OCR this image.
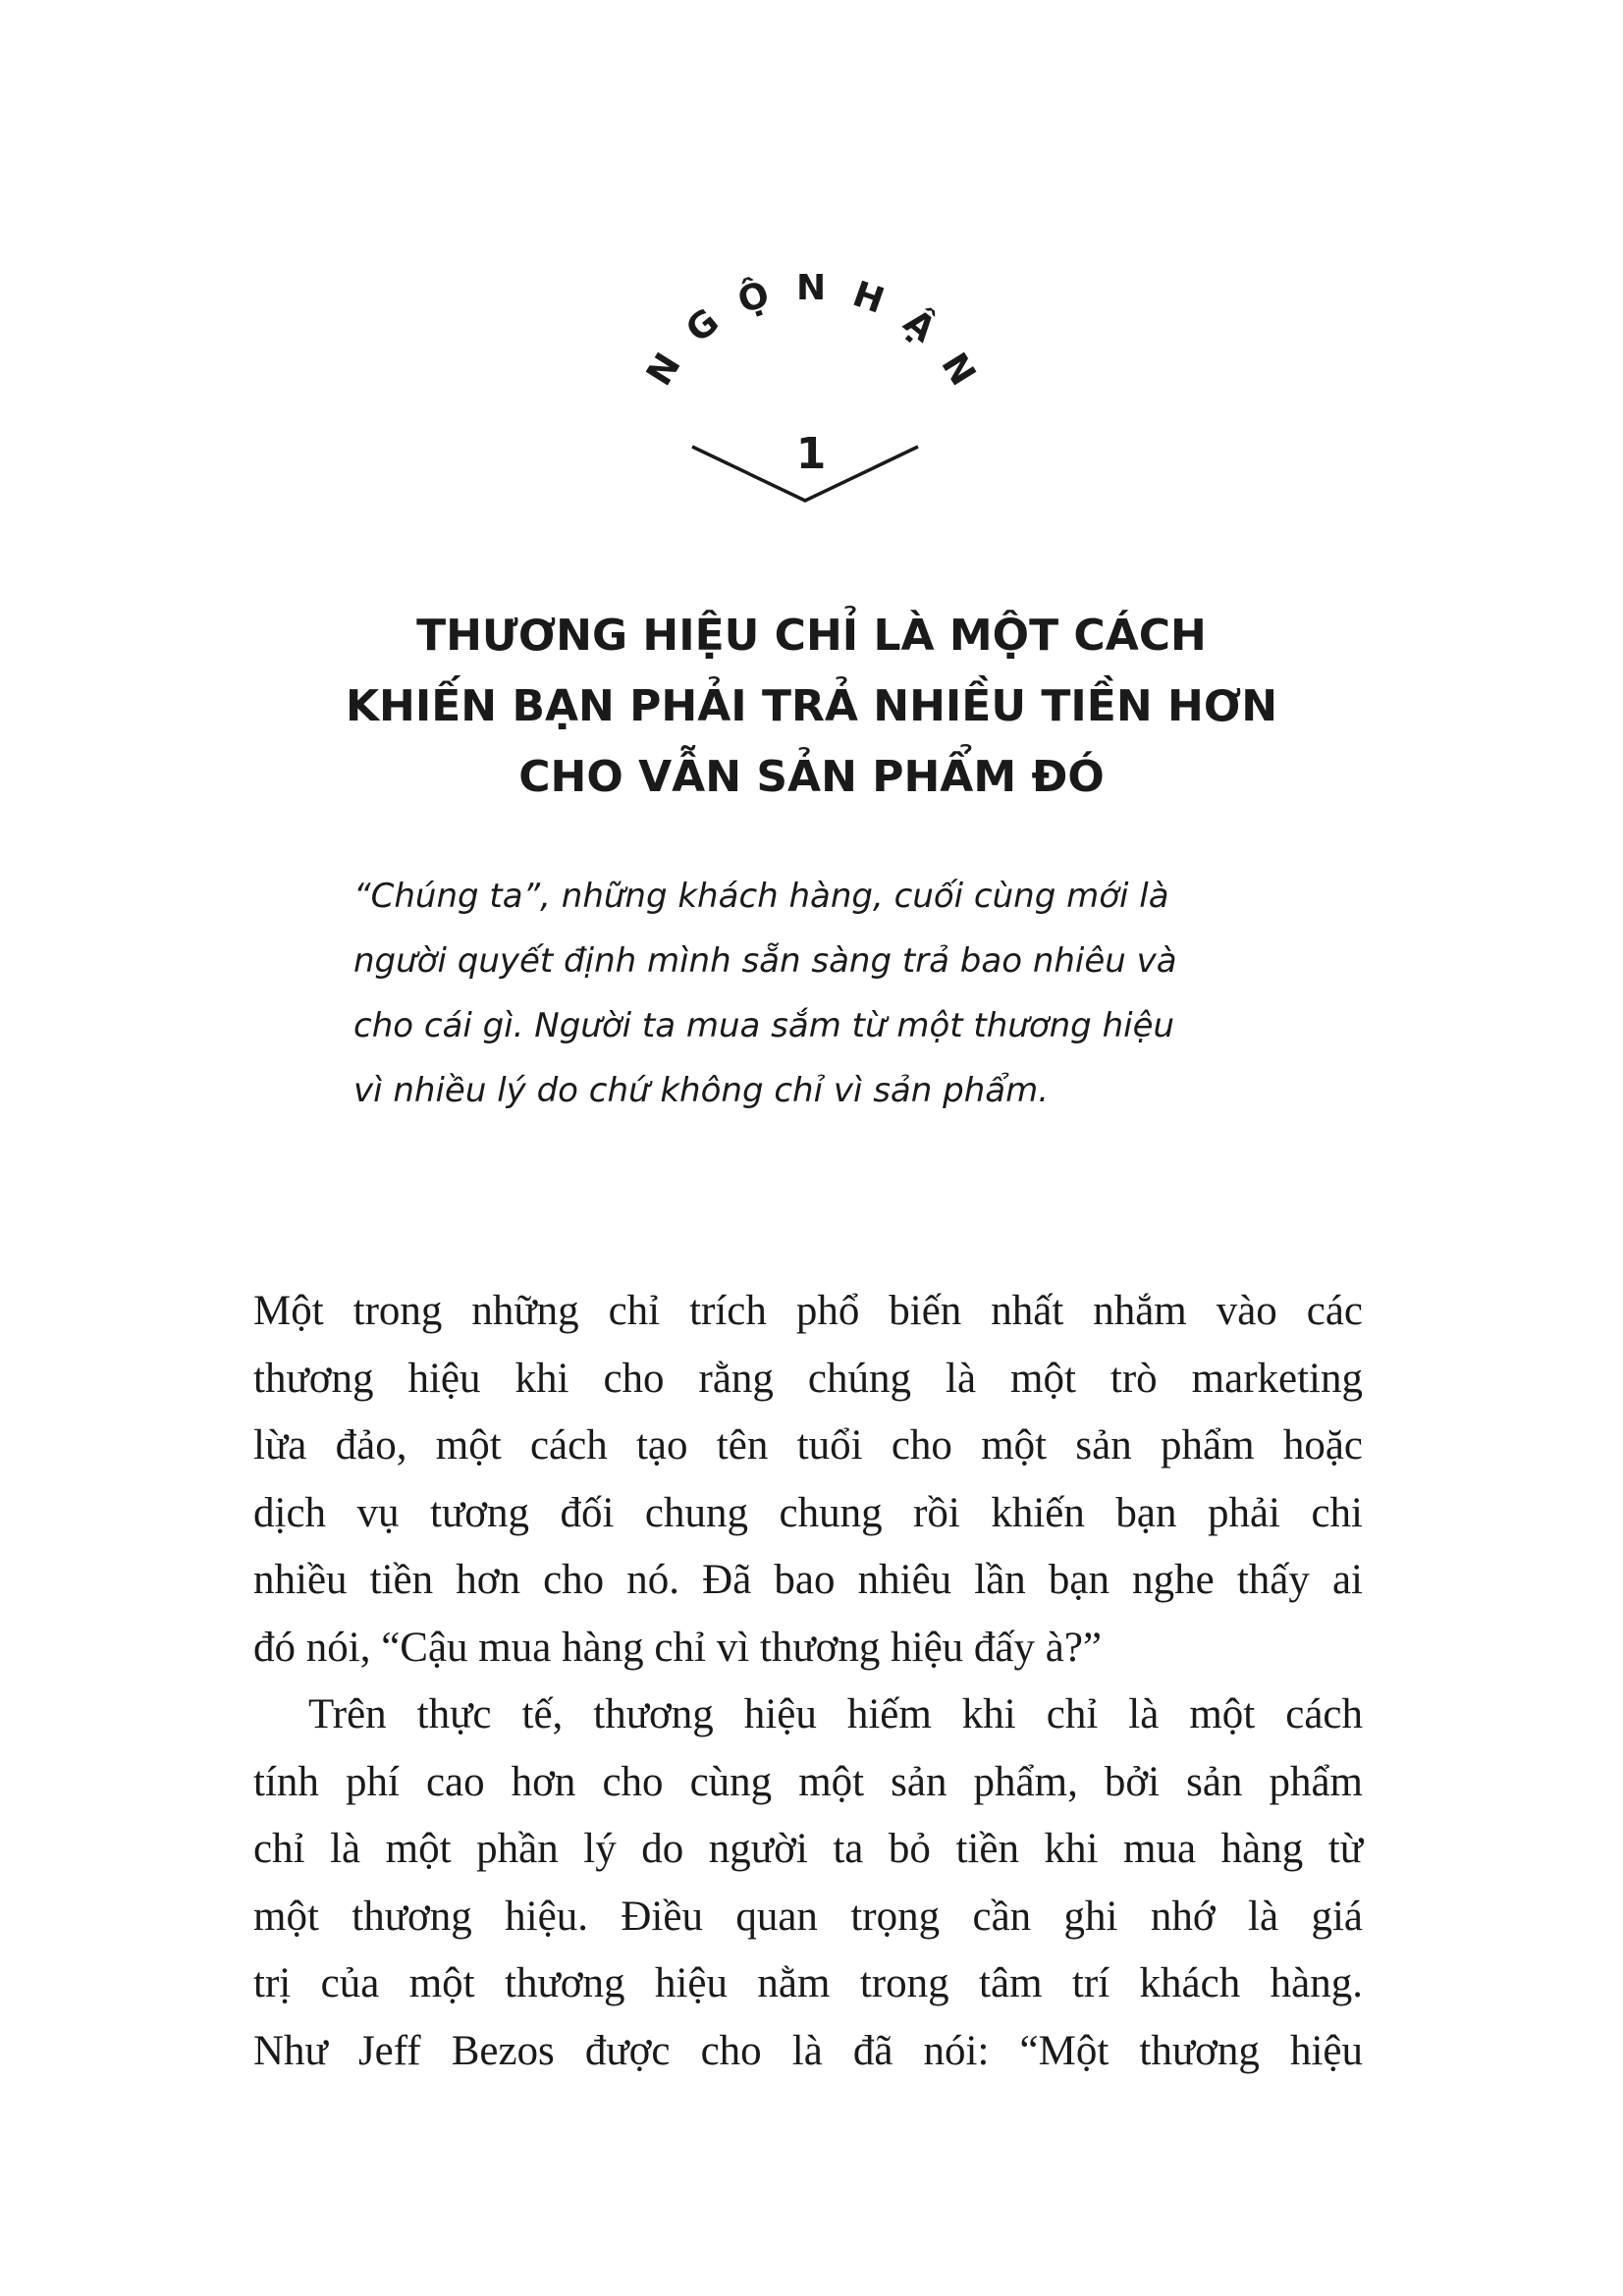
N
G
Ộ N H
Ậ
N
1
THƯƠNG HIỆU CHỈ LÀ MỘT CÁCH
KHIẾN BẠN PHẢI TRẢ NHIỀU TIỀN HƠN
CHO VẪN SẢN PHẨM ĐÓ
“Chúng ta”, những khách hàng, cuối cùng mới là
người quyết định mình sẵn sàng trả bao nhiêu và
cho cái gì. Người ta mua sắm từ một thương hiệu
vì nhiều lý do chứ không chỉ vì sản phẩm.
Một trong những chỉ trích phổ biến nhất nhắm vào các
thương hiệu khi cho rằng chúng là một trò marketing
lừa đảo, một cách tạo tên tuổi cho một sản phẩm hoặc
dịch vụ tương đối chung chung rồi khiến bạn phải chi
nhiều tiền hơn cho nó. Đã bao nhiêu lần bạn nghe thấy ai
đó nói, “Cậu mua hàng chỉ vì thương hiệu đấy à?”
Trên thực tế, thương hiệu hiếm khi chỉ là một cách
tính phí cao hơn cho cùng một sản phẩm, bởi sản phẩm
chỉ là một phần lý do người ta bỏ tiền khi mua hàng từ
một thương hiệu. Điều quan trọng cần ghi nhớ là giá
trị của một thương hiệu nằm trong tâm trí khách hàng.
Như Jeff Bezos được cho là đã nói: “Một thương hiệu
